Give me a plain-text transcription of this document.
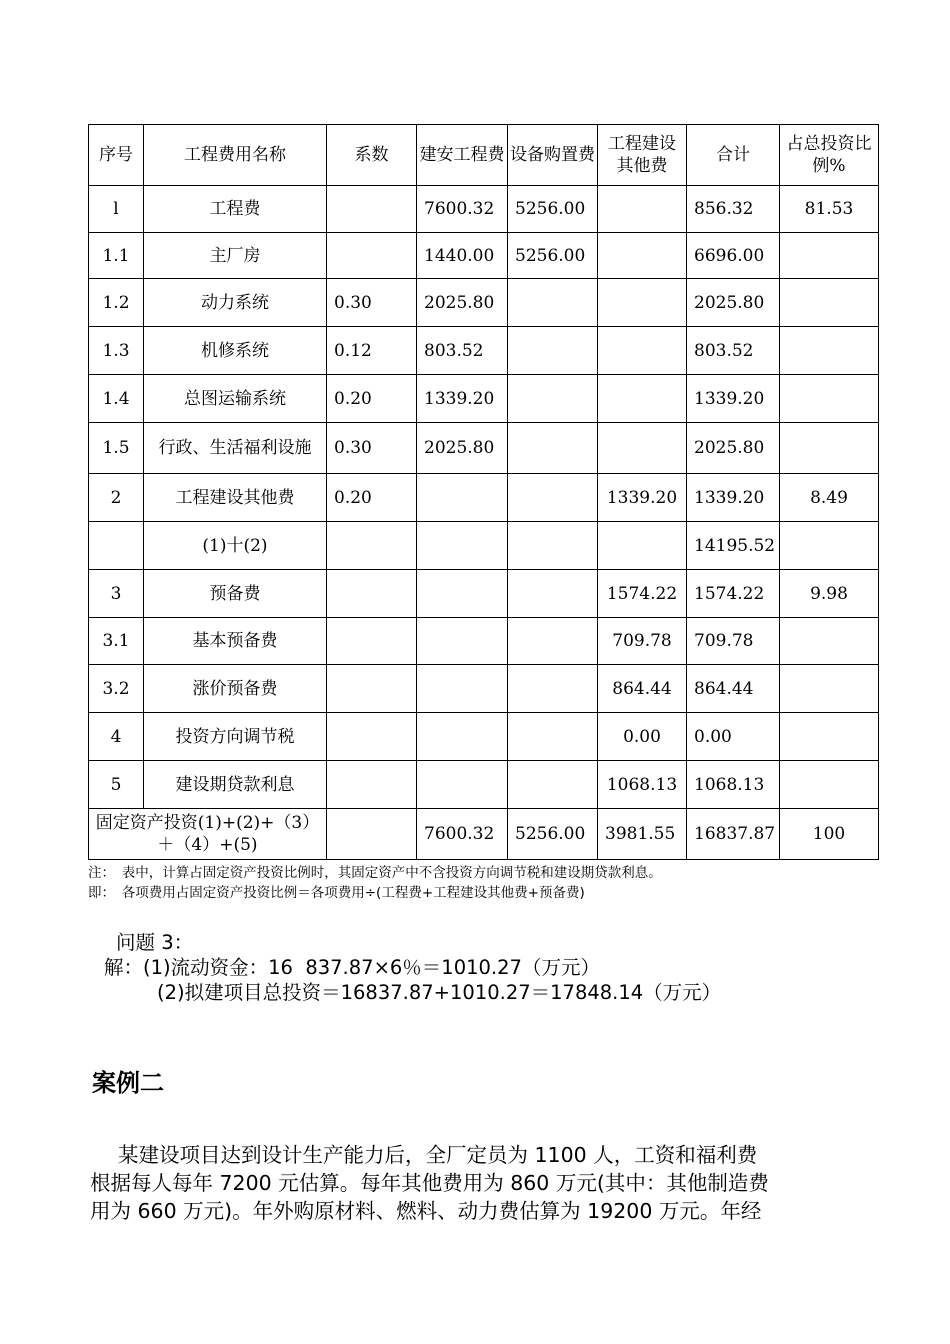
序号	工程费用名称	系数	建安工程费	设备购置费	工程建设其他费	合计	占总投资比例%
l	工程费		7600.32	5256.00		856.32	81.53
1.1	主厂房		1440.00	5256.00		6696.00	
1.2	动力系统	0.30	2025.80			2025.80	
1.3	机修系统	0.12	803.52			803.52	
1.4	总图运输系统	0.20	1339.20			1339.20	
1.5	行政、生活福利设施	0.30	2025.80			2025.80	
2	工程建设其他费	0.20			1339.20	1339.20	8.49
	(1)十(2)					14195.52	
3	预备费				1574.22	1574.22	9.98
3.1	基本预备费				709.78	709.78	
3.2	涨价预备费				864.44	864.44	
4	投资方向调节税				0.00	0.00	
5	建设期贷款利息				1068.13	1068.13	
固定资产投资(1)+(2)+（3）＋（4）+(5)			7600.32	5256.00	3981.55	16837.87	100
注：　表中，计算占固定资产投资比例时，其固定资产中不含投资方向调节税和建设期贷款利息。
即：　各项费用占固定资产投资比例＝各项费用÷(工程费+工程建设其他费+预备费)
问题 3：
解：(1)流动资金：16  837.87×6％＝1010.27（万元）
(2)拟建项目总投资＝16837.87+1010.27＝17848.14（万元）
案例二
某建设项目达到设计生产能力后，全厂定员为 1100 人，工资和福利费
根据每人每年 7200 元估算。每年其他费用为 860 万元(其中：其他制造费
用为 660 万元)。年外购原材料、燃料、动力费估算为 19200 万元。年经
